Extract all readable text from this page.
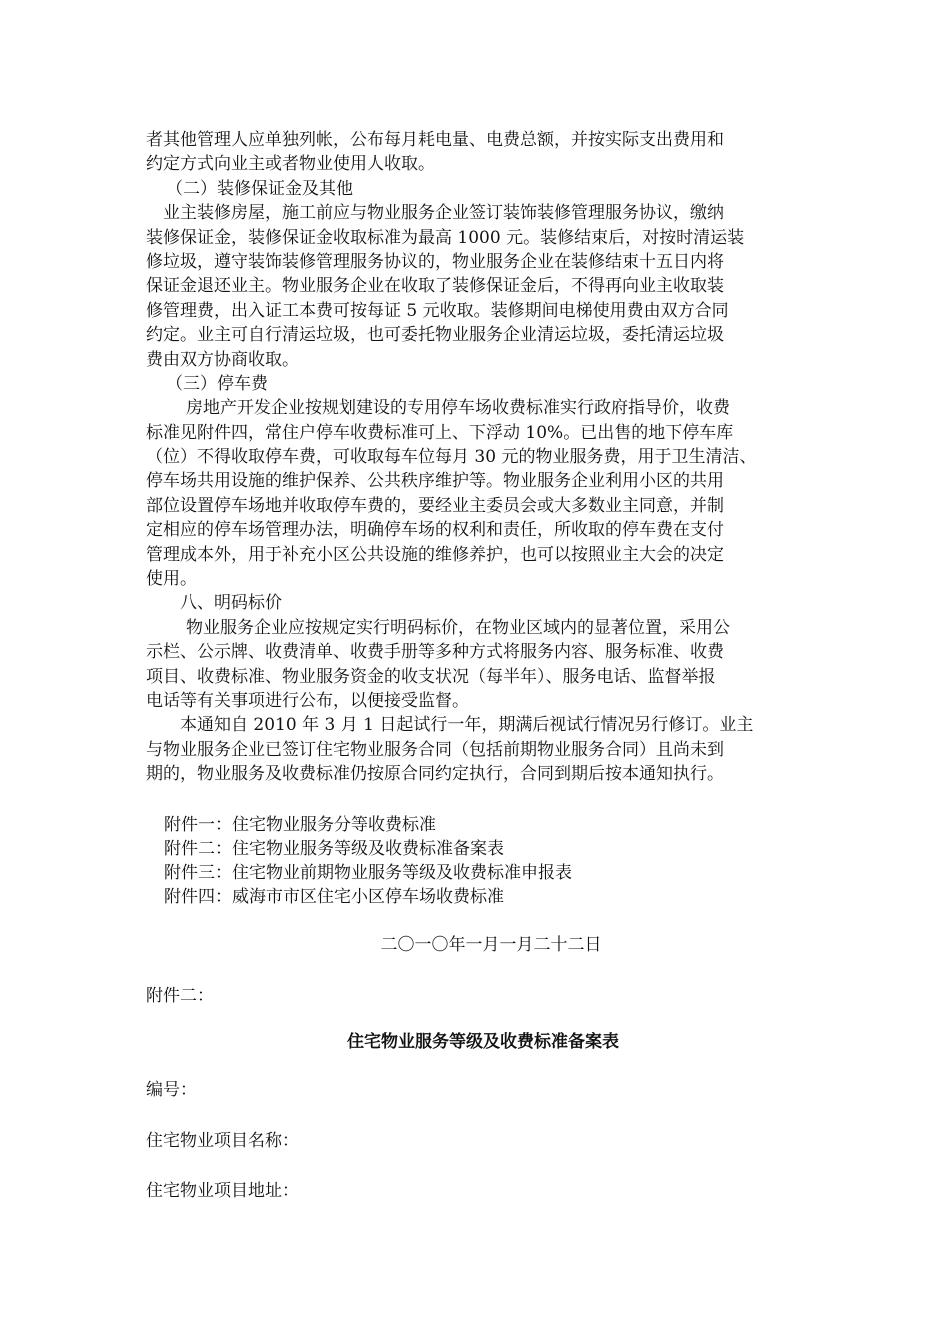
者其他管理人应单独列帐，公布每月耗电量、电费总额，并按实际支出费用和
约定方式向业主或者物业使用人收取。
（二）装修保证金及其他
业主装修房屋，施工前应与物业服务企业签订装饰装修管理服务协议，缴纳
装修保证金，装修保证金收取标准为最高 1000 元。装修结束后，对按时清运装
修垃圾，遵守装饰装修管理服务协议的，物业服务企业在装修结束十五日内将
保证金退还业主。物业服务企业在收取了装修保证金后，不得再向业主收取装
修管理费，出入证工本费可按每证 5 元收取。装修期间电梯使用费由双方合同
约定。业主可自行清运垃圾，也可委托物业服务企业清运垃圾，委托清运垃圾
费由双方协商收取。
（三）停车费
房地产开发企业按规划建设的专用停车场收费标准实行政府指导价，收费
标准见附件四，常住户停车收费标准可上、下浮动 10%。已出售的地下停车库
（位）不得收取停车费，可收取每车位每月 30 元的物业服务费，用于卫生清洁、
停车场共用设施的维护保养、公共秩序维护等。物业服务企业利用小区的共用
部位设置停车场地并收取停车费的，要经业主委员会或大多数业主同意，并制
定相应的停车场管理办法，明确停车场的权利和责任，所收取的停车费在支付
管理成本外，用于补充小区公共设施的维修养护，也可以按照业主大会的决定
使用。
八、明码标价
物业服务企业应按规定实行明码标价，在物业区域内的显著位置，采用公
示栏、公示牌、收费清单、收费手册等多种方式将服务内容、服务标准、收费
项目、收费标准、物业服务资金的收支状况（每半年）、服务电话、监督举报
电话等有关事项进行公布，以便接受监督。
本通知自 2010 年 3 月 1 日起试行一年，期满后视试行情况另行修订。业主
与物业服务企业已签订住宅物业服务合同（包括前期物业服务合同）且尚未到
期的，物业服务及收费标准仍按原合同约定执行，合同到期后按本通知执行。
附件一：住宅物业服务分等收费标准
附件二：住宅物业服务等级及收费标准备案表
附件三：住宅物业前期物业服务等级及收费标准申报表
附件四：威海市市区住宅小区停车场收费标准
二〇一〇年一月一月二十二日
附件二：
住宅物业服务等级及收费标准备案表
编号：
住宅物业项目名称：
住宅物业项目地址：
